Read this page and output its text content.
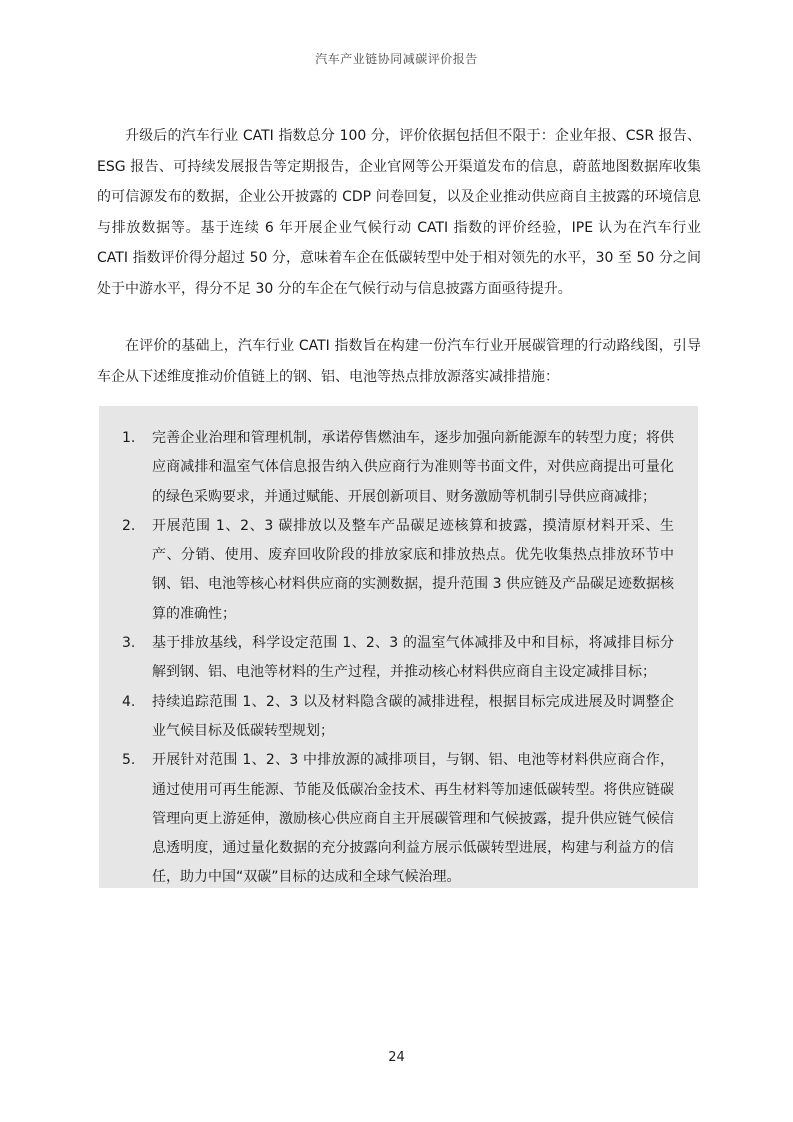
汽车产业链协同减碳评价报告

升级后的汽车行业 CATI 指数总分 100 分，评价依据包括但不限于：企业年报、CSR 报告、ESG 报告、可持续发展报告等定期报告，企业官网等公开渠道发布的信息，蔚蓝地图数据库收集的可信源发布的数据，企业公开披露的 CDP 问卷回复，以及企业推动供应商自主披露的环境信息与排放数据等。基于连续 6 年开展企业气候行动 CATI 指数的评价经验，IPE 认为在汽车行业 CATI 指数评价得分超过 50 分，意味着车企在低碳转型中处于相对领先的水平，30 至 50 分之间处于中游水平，得分不足 30 分的车企在气候行动与信息披露方面亟待提升。

在评价的基础上，汽车行业 CATI 指数旨在构建一份汽车行业开展碳管理的行动路线图，引导车企从下述维度推动价值链上的钢、铝、电池等热点排放源落实减排措施：

1. 完善企业治理和管理机制，承诺停售燃油车，逐步加强向新能源车的转型力度；将供应商减排和温室气体信息报告纳入供应商行为准则等书面文件，对供应商提出可量化的绿色采购要求，并通过赋能、开展创新项目、财务激励等机制引导供应商减排；
2. 开展范围 1、2、3 碳排放以及整车产品碳足迹核算和披露，摸清原材料开采、生产、分销、使用、废弃回收阶段的排放家底和排放热点。优先收集热点排放环节中钢、铝、电池等核心材料供应商的实测数据，提升范围 3 供应链及产品碳足迹数据核算的准确性；
3. 基于排放基线，科学设定范围 1、2、3 的温室气体减排及中和目标，将减排目标分解到钢、铝、电池等材料的生产过程，并推动核心材料供应商自主设定减排目标；
4. 持续追踪范围 1、2、3 以及材料隐含碳的减排进程，根据目标完成进展及时调整企业气候目标及低碳转型规划；
5. 开展针对范围 1、2、3 中排放源的减排项目，与钢、铝、电池等材料供应商合作，通过使用可再生能源、节能及低碳冶金技术、再生材料等加速低碳转型。将供应链碳管理向更上游延伸，激励核心供应商自主开展碳管理和气候披露，提升供应链气候信息透明度，通过量化数据的充分披露向利益方展示低碳转型进展，构建与利益方的信任，助力中国“双碳”目标的达成和全球气候治理。
24
